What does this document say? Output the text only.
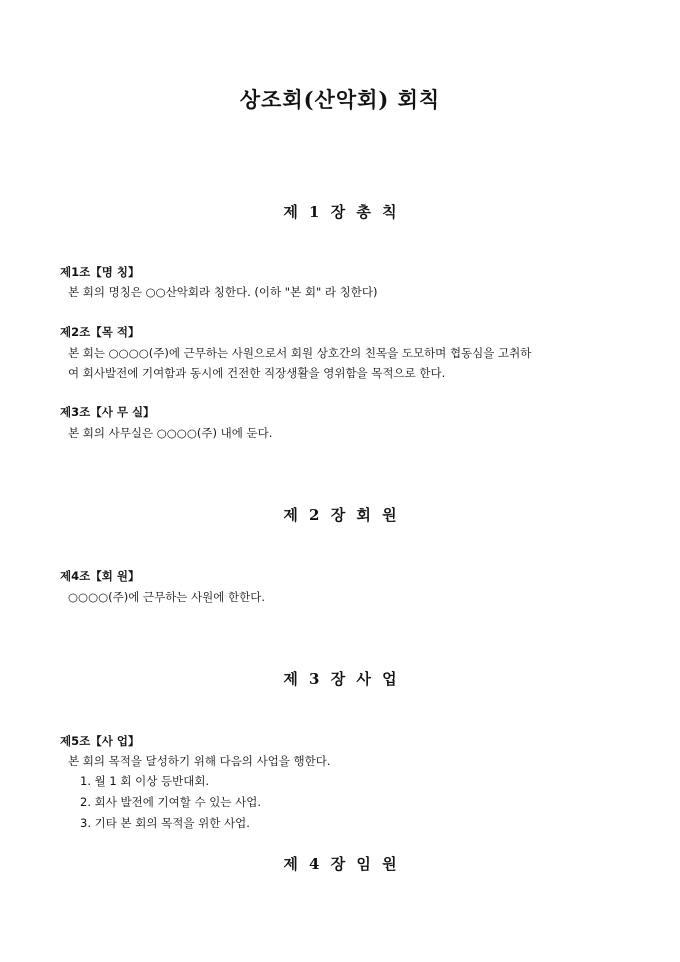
상조회(산악회) 회칙
제 1 장 총 칙
제1조【명 칭】
본 회의 명칭은 ○○산악회라 칭한다. (이하 "본 회" 라 칭한다)
제2조【목 적】
본 회는 ○○○○(주)에 근무하는 사원으로서 회원 상호간의 친목을 도모하며 협동심을 고취하
여 회사발전에 기여함과 동시에 건전한 직장생활을 영위함을 목적으로 한다.
제3조【사 무 실】
본 회의 사무실은 ○○○○(주) 내에 둔다.
제 2 장 회 원
제4조【회 원】
○○○○(주)에 근무하는 사원에 한한다.
제 3 장 사 업
제5조【사 업】
본 회의 목적을 달성하기 위해 다음의 사업을 행한다.
1. 월 1 회 이상 등반대회.
2. 회사 발전에 기여할 수 있는 사업.
3. 기타 본 회의 목적을 위한 사업.
제 4 장 임 원
